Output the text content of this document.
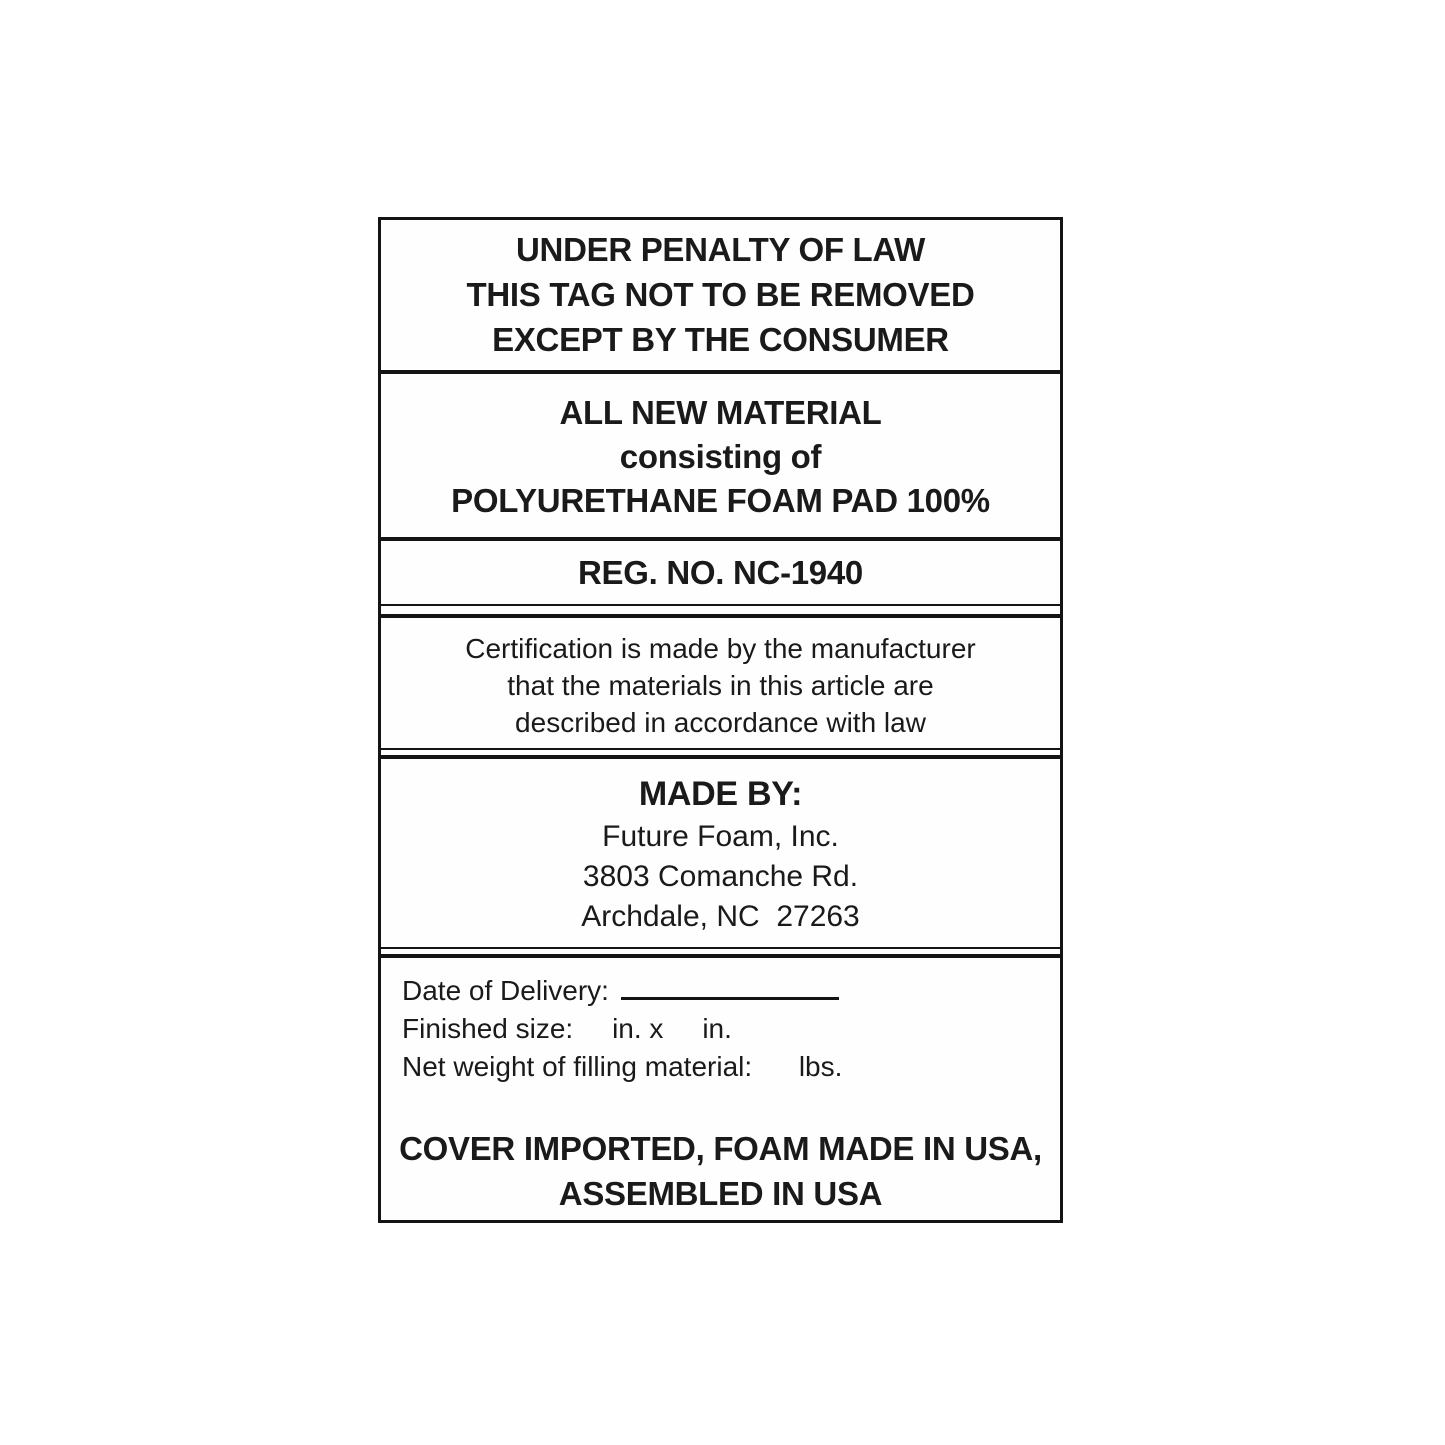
UNDER PENALTY OF LAW
THIS TAG NOT TO BE REMOVED
EXCEPT BY THE CONSUMER
ALL NEW MATERIAL
consisting of
POLYURETHANE FOAM PAD 100%
REG. NO. NC-1940
Certification is made by the manufacturer
that the materials in this article are
described in accordance with law
MADE BY:
Future Foam, Inc.
3803 Comanche Rd.
Archdale, NC  27263
Date of Delivery:
Finished size:     in. x     in.
Net weight of filling material:      lbs.
COVER IMPORTED, FOAM MADE IN USA,
ASSEMBLED IN USA
